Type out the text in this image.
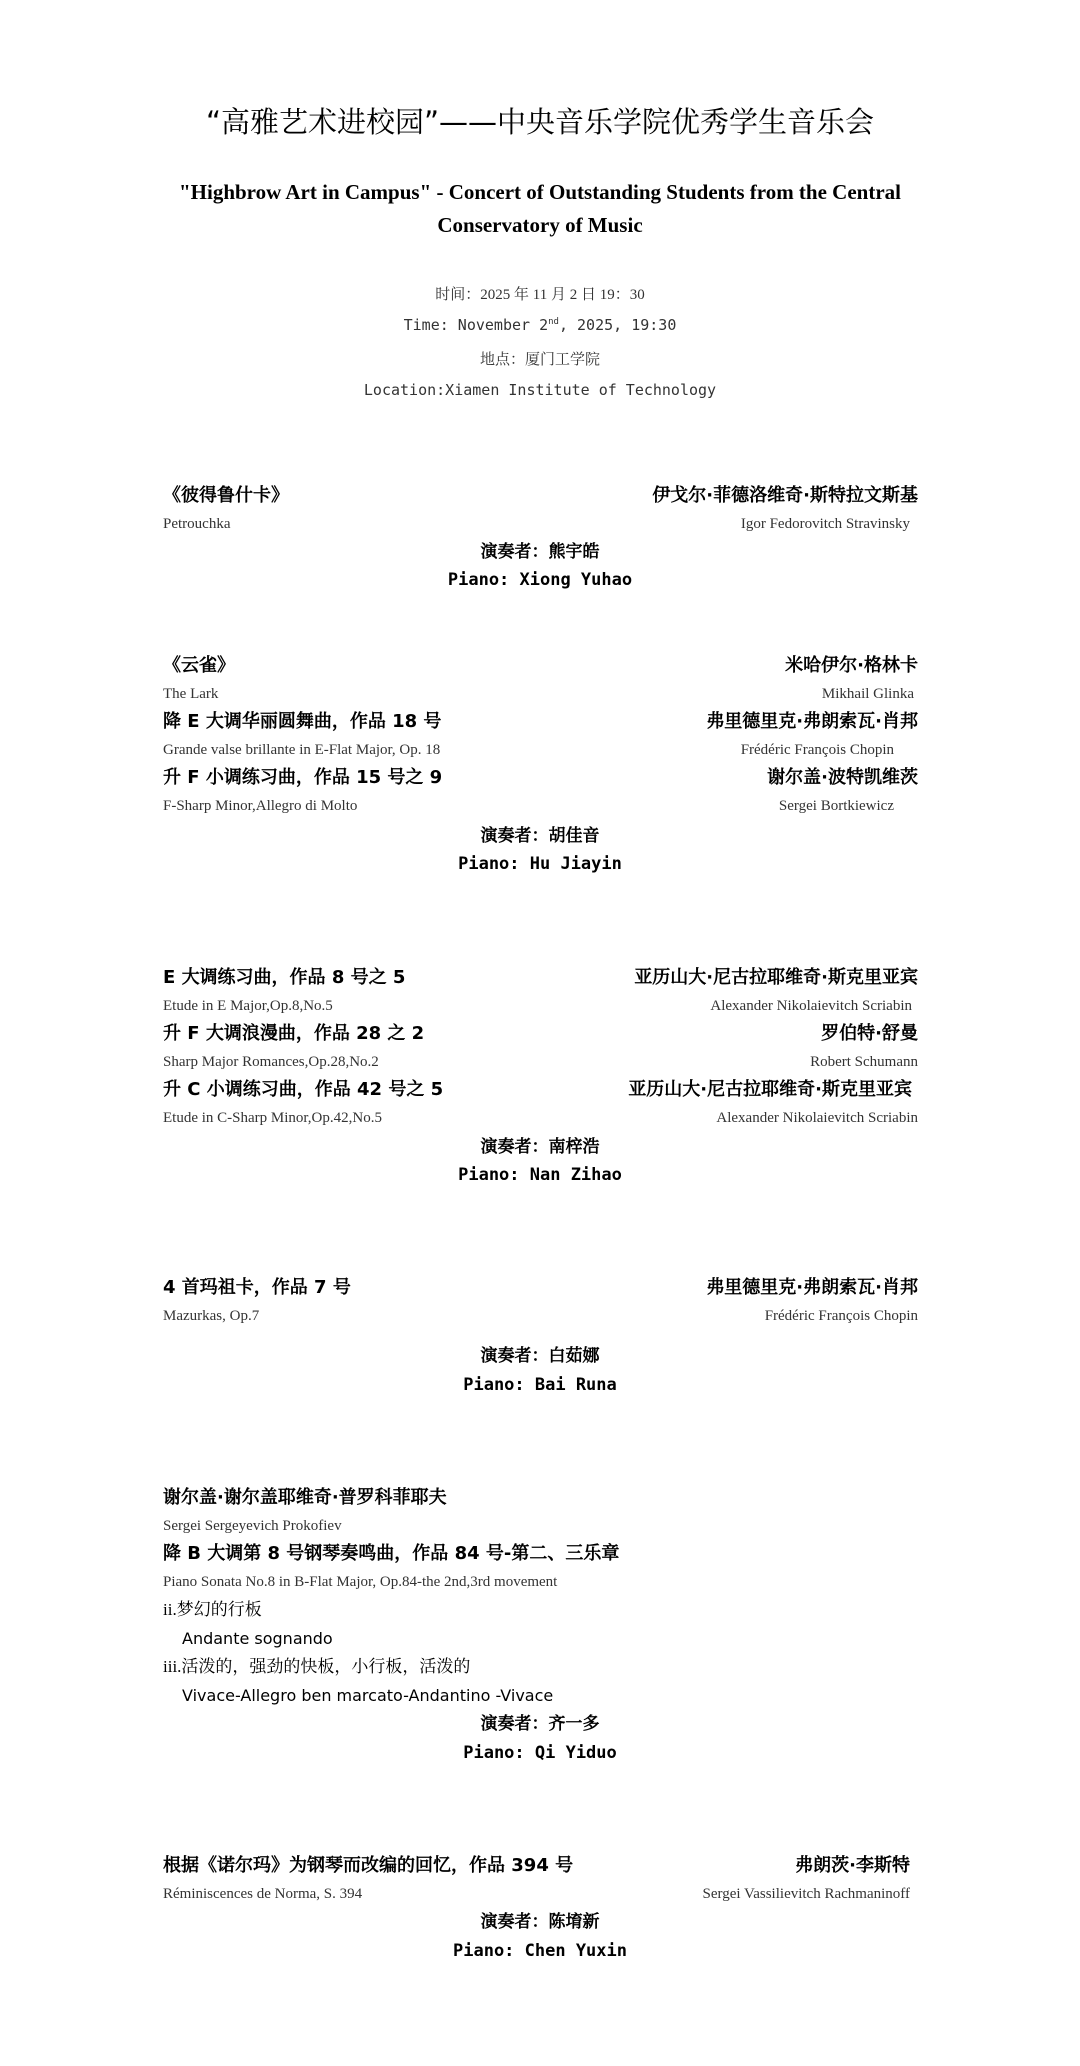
“高雅艺术进校园”——中央音乐学院优秀学生音乐会
"Highbrow Art in Campus" - Concert of Outstanding Students from the Central Conservatory of Music
时间：2025 年 11 月 2 日 19：30
Time: November 2nd, 2025, 19:30
地点：厦门工学院
Location:Xiamen Institute of Technology
《彼得鲁什卡》	伊戈尔·菲德洛维奇·斯特拉文斯基
Petrouchka	Igor Fedorovitch Stravinsky
演奏者：熊宇皓
Piano: Xiong Yuhao
《云雀》	米哈伊尔·格林卡
The Lark	Mikhail Glinka
降 E 大调华丽圆舞曲，作品 18 号	弗里德里克·弗朗索瓦·肖邦
Grande valse brillante in E-Flat Major, Op. 18	Frédéric François Chopin
升 F 小调练习曲，作品 15 号之 9	谢尔盖·波特凯维茨
F-Sharp Minor,Allegro di Molto	Sergei Bortkiewicz
演奏者：胡佳音
Piano: Hu Jiayin
E 大调练习曲，作品 8 号之 5	亚历山大·尼古拉耶维奇·斯克里亚宾
Etude in E Major,Op.8,No.5	Alexander Nikolaievitch Scriabin
升 F 大调浪漫曲，作品 28 之 2	罗伯特·舒曼
Sharp Major Romances,Op.28,No.2	Robert Schumann
升 C 小调练习曲，作品 42 号之 5	亚历山大·尼古拉耶维奇·斯克里亚宾
Etude in C-Sharp Minor,Op.42,No.5	Alexander Nikolaievitch Scriabin
演奏者：南梓浩
Piano: Nan Zihao
4 首玛祖卡，作品 7 号	弗里德里克·弗朗索瓦·肖邦
Mazurkas, Op.7	Frédéric François Chopin
演奏者：白茹娜
Piano: Bai Runa
谢尔盖·谢尔盖耶维奇·普罗科菲耶夫
Sergei Sergeyevich Prokofiev
降 B 大调第 8 号钢琴奏鸣曲，作品 84 号-第二、三乐章
Piano Sonata No.8 in B-Flat Major, Op.84-the 2nd,3rd movement
ii.梦幻的行板
Andante sognando
iii.活泼的，强劲的快板，小行板，活泼的
Vivace-Allegro ben marcato-Andantino -Vivace
演奏者：齐一多
Piano: Qi Yiduo
根据《诺尔玛》为钢琴而改编的回忆，作品 394 号	弗朗茨·李斯特
Réminiscences de Norma, S. 394	Sergei Vassilievitch Rachmaninoff
演奏者：陈堉新
Piano: Chen Yuxin
